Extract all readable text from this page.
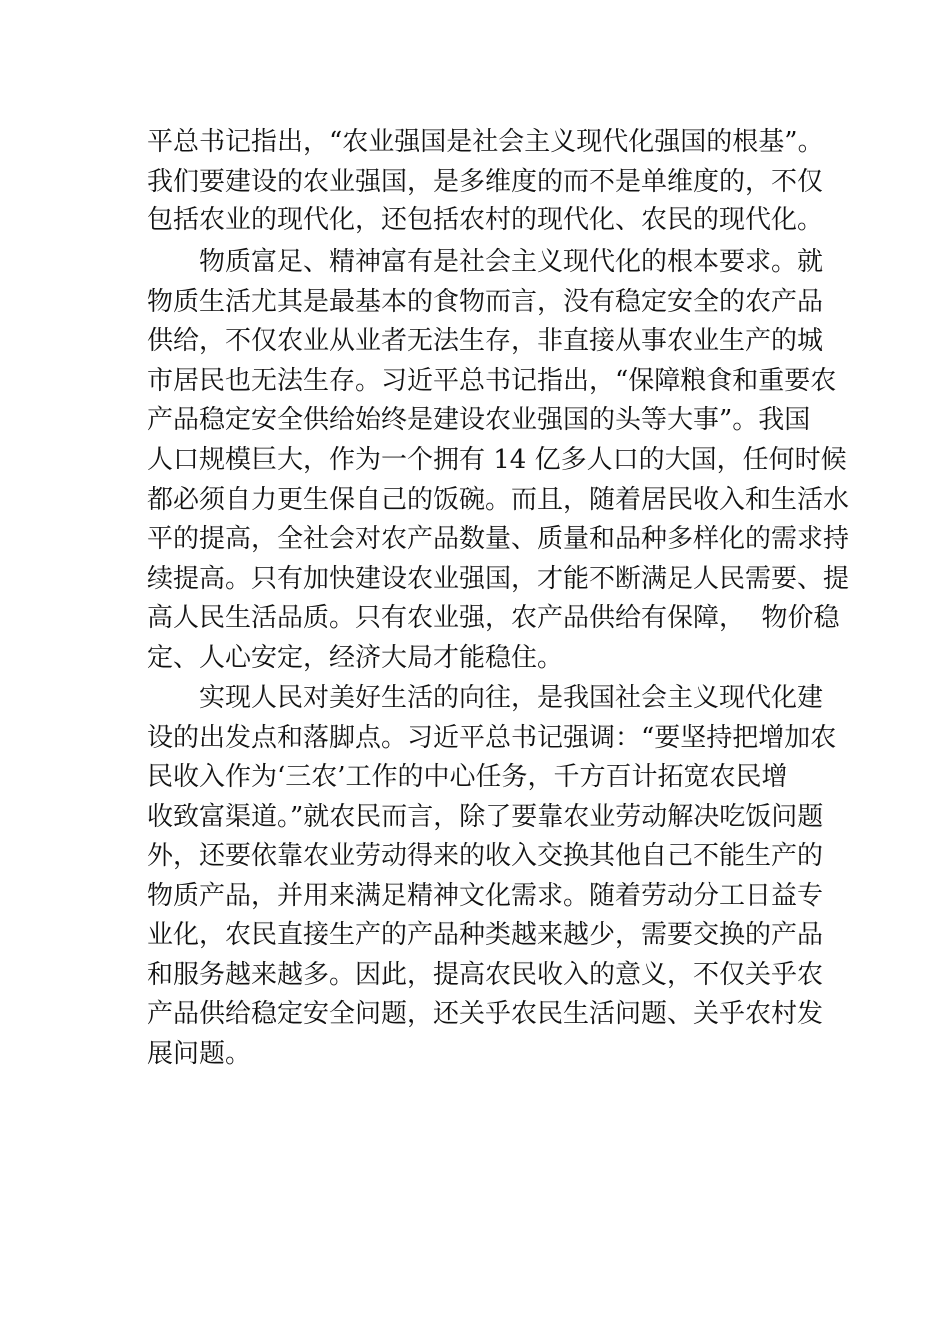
平总书记指出，“农业强国是社会主义现代化强国的根基”。
我们要建设的农业强国，是多维度的而不是单维度的，不仅
包括农业的现代化，还包括农村的现代化、农民的现代化。
物质富足、精神富有是社会主义现代化的根本要求。就
物质生活尤其是最基本的食物而言，没有稳定安全的农产品
供给，不仅农业从业者无法生存，非直接从事农业生产的城
市居民也无法生存。习近平总书记指出，“保障粮食和重要农
产品稳定安全供给始终是建设农业强国的头等大事”。我国
人口规模巨大，作为一个拥有 14 亿多人口的大国，任何时候
都必须自力更生保自己的饭碗。而且，随着居民收入和生活水
平的提高，全社会对农产品数量、质量和品种多样化的需求持
续提高。只有加快建设农业强国，才能不断满足人民需要、提
高人民生活品质。只有农业强，农产品供给有保障，  物价稳
定、人心安定，经济大局才能稳住。
实现人民对美好生活的向往，是我国社会主义现代化建
设的出发点和落脚点。习近平总书记强调：“要坚持把增加农
民收入作为‘三农’工作的中心任务，千方百计拓宽农民增
收致富渠道。”就农民而言，除了要靠农业劳动解决吃饭问题
外，还要依靠农业劳动得来的收入交换其他自己不能生产的
物质产品，并用来满足精神文化需求。随着劳动分工日益专
业化，农民直接生产的产品种类越来越少，需要交换的产品
和服务越来越多。因此，提高农民收入的意义，不仅关乎农
产品供给稳定安全问题，还关乎农民生活问题、关乎农村发
展问题。
